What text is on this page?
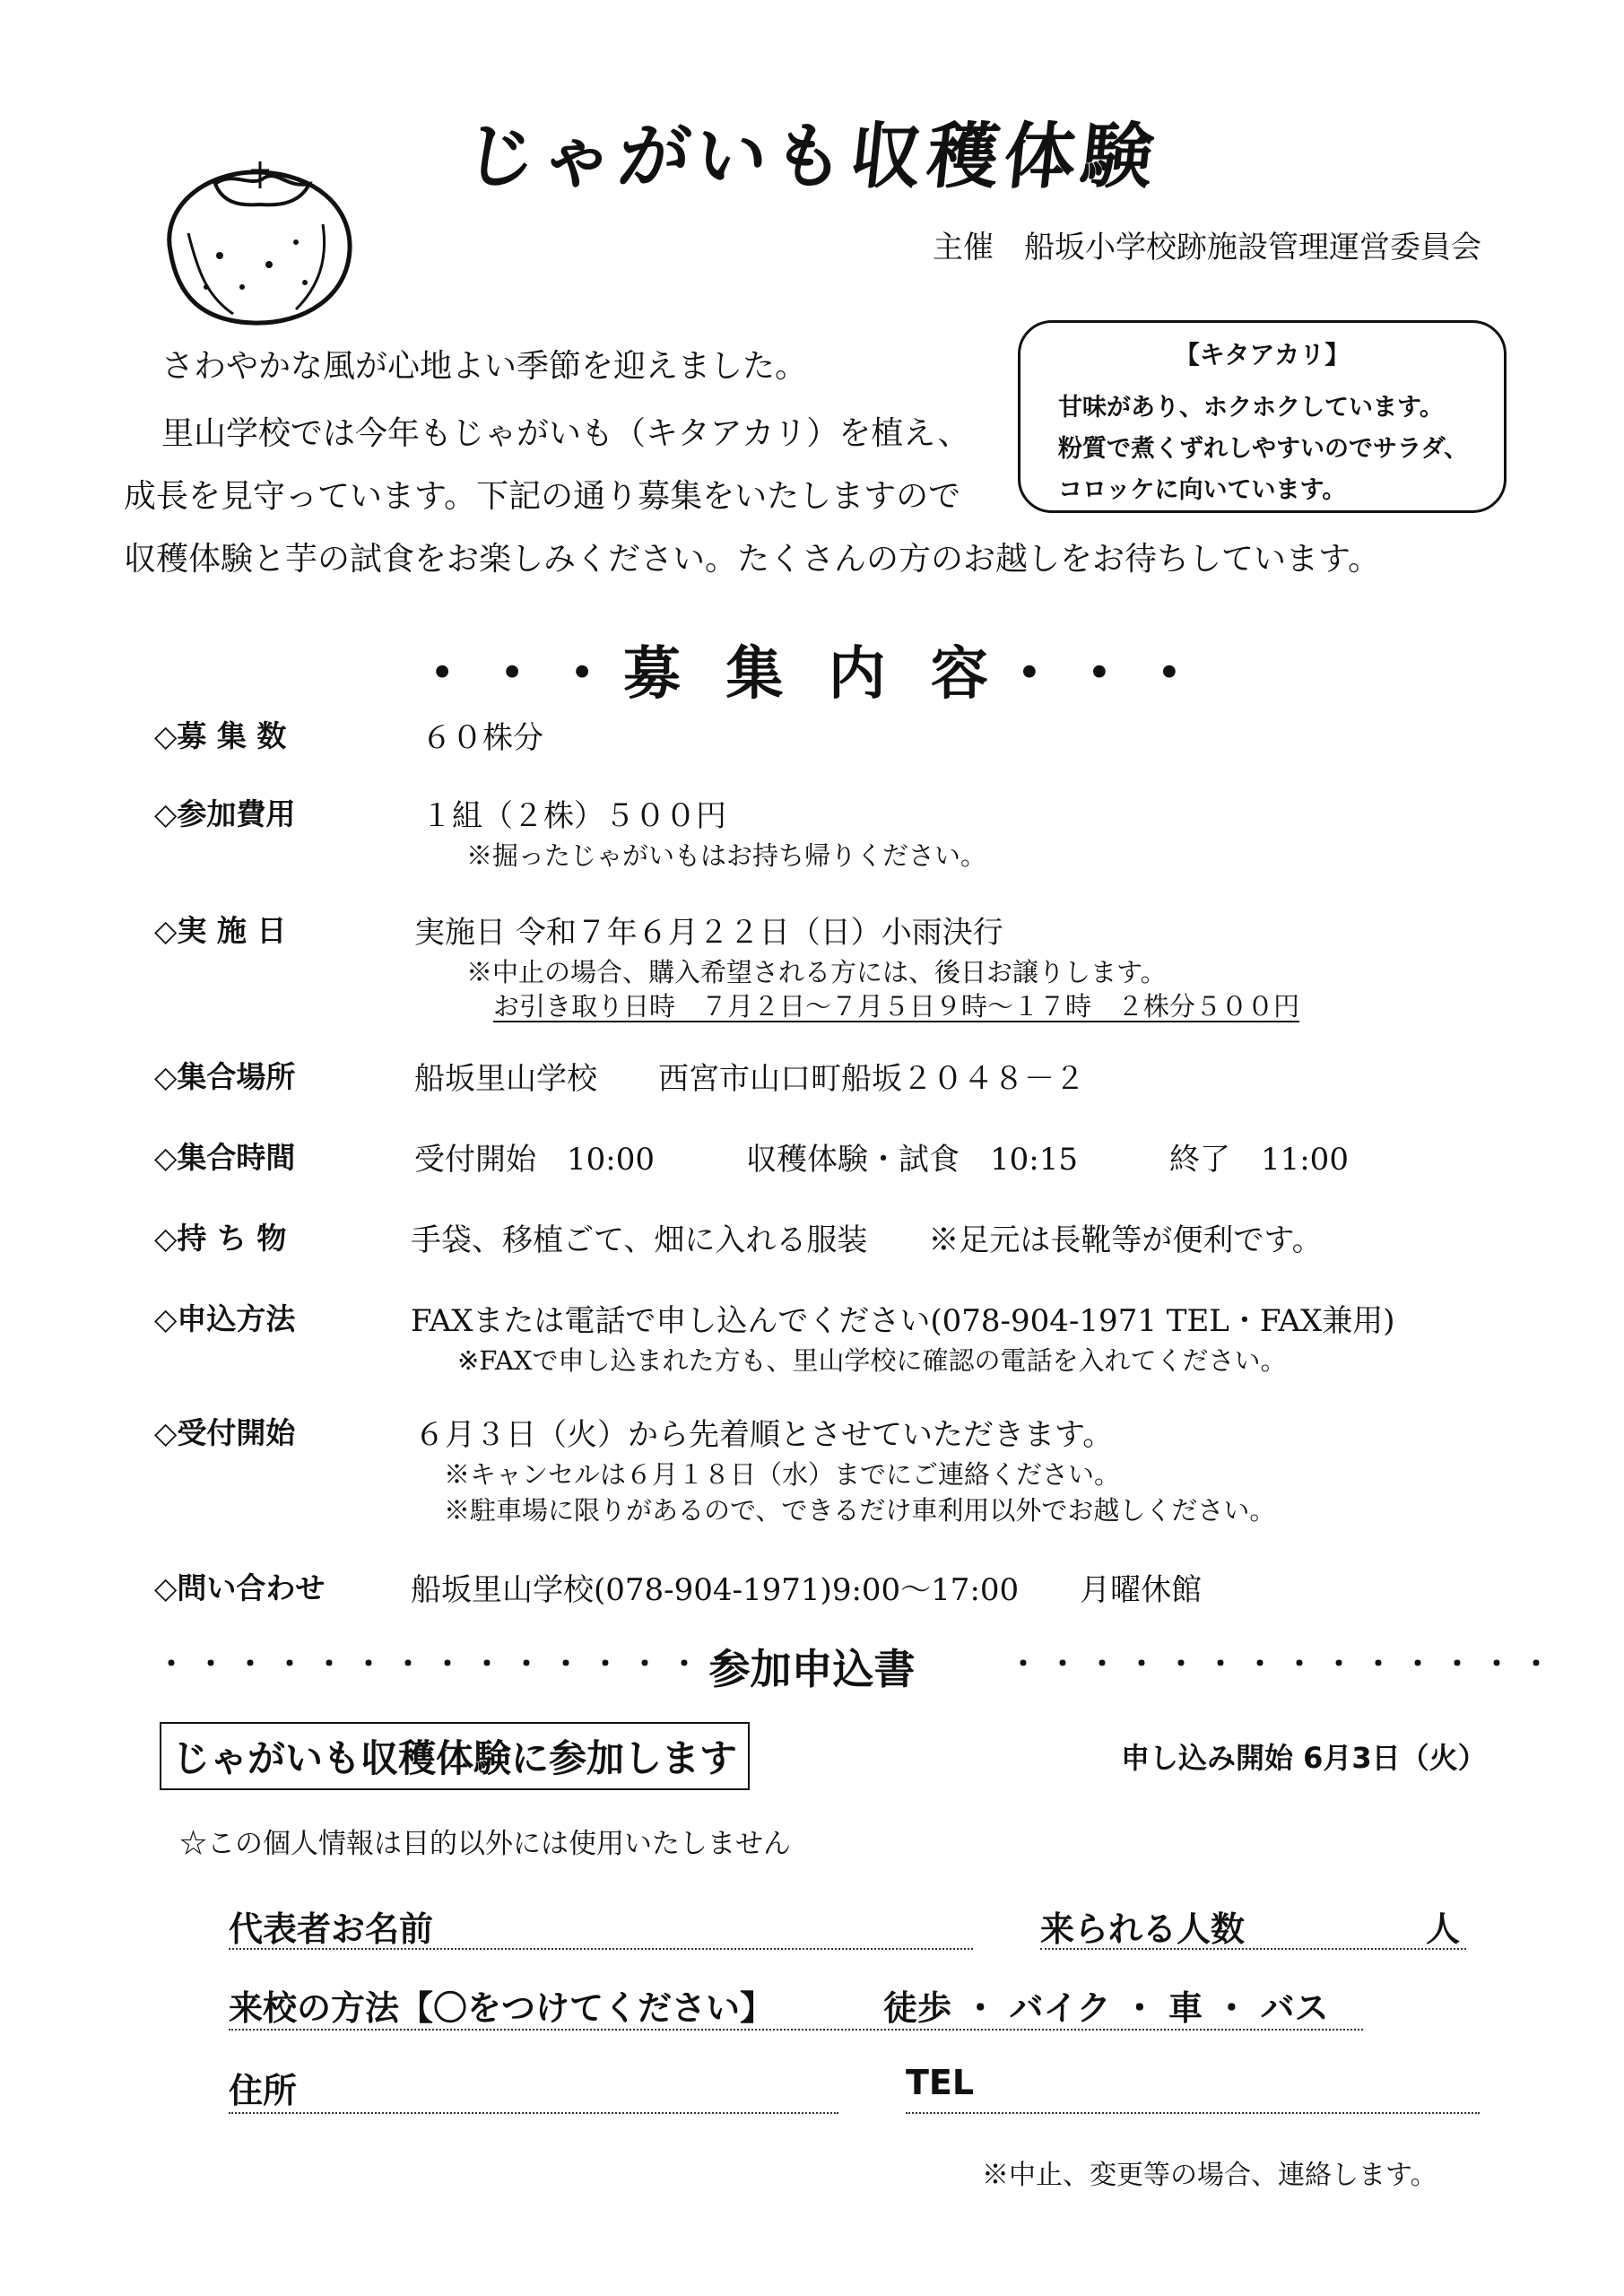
じゃがいも収穫体験
主催　船坂小学校跡施設管理運営委員会
さわやかな風が心地よい季節を迎えました。
里山学校では今年もじゃがいも（キタアカリ）を植え、
成長を見守っています。下記の通り募集をいたしますので
収穫体験と芋の試食をお楽しみください。たくさんの方のお越しをお待ちしています。
【キタアカリ】
甘味があり、ホクホクしています。
粉質で煮くずれしやすいのでサラダ、
コロッケに向いています。
・・・募 集 内 容・・・
◇募 集 数	６０株分
◇参加費用	１組（２株）５００円
※掘ったじゃがいもはお持ち帰りください。
◇実 施 日	実施日 令和７年６月２２日（日）小雨決行
※中止の場合、購入希望される方には、後日お譲りします。
お引き取り日時　７月２日～７月５日９時～１７時　２株分５００円
◇集合場所	船坂里山学校　　西宮市山口町船坂２０４８－２
◇集合時間	受付開始　10:00　　　収穫体験・試食　10:15　　　終了　11:00
◇持 ち 物	手袋、移植ごて、畑に入れる服装　　※足元は長靴等が便利です。
◇申込方法	FAXまたは電話で申し込んでください(078-904-1971 TEL・FAX兼用)
※FAXで申し込まれた方も、里山学校に確認の電話を入れてください。
◇受付開始	６月３日（火）から先着順とさせていただきます。
※キャンセルは６月１８日（水）までにご連絡ください。
※駐車場に限りがあるので、できるだけ車利用以外でお越しください。
◇問い合わせ	船坂里山学校(078-904-1971)9:00～17:00　　月曜休館
・・・・・・・・・・・・・・・
参加申込書	・・・・・・・・・・・・・・
じゃがいも収穫体験に参加します	申し込み開始 6月3日（火）
☆この個人情報は目的以外には使用いたしません
代表者お名前	来られる人数	人
来校の方法【〇をつけてください】	徒歩 ・ バイク ・ 車 ・ バス
住所	TEL
※中止、変更等の場合、連絡します。
